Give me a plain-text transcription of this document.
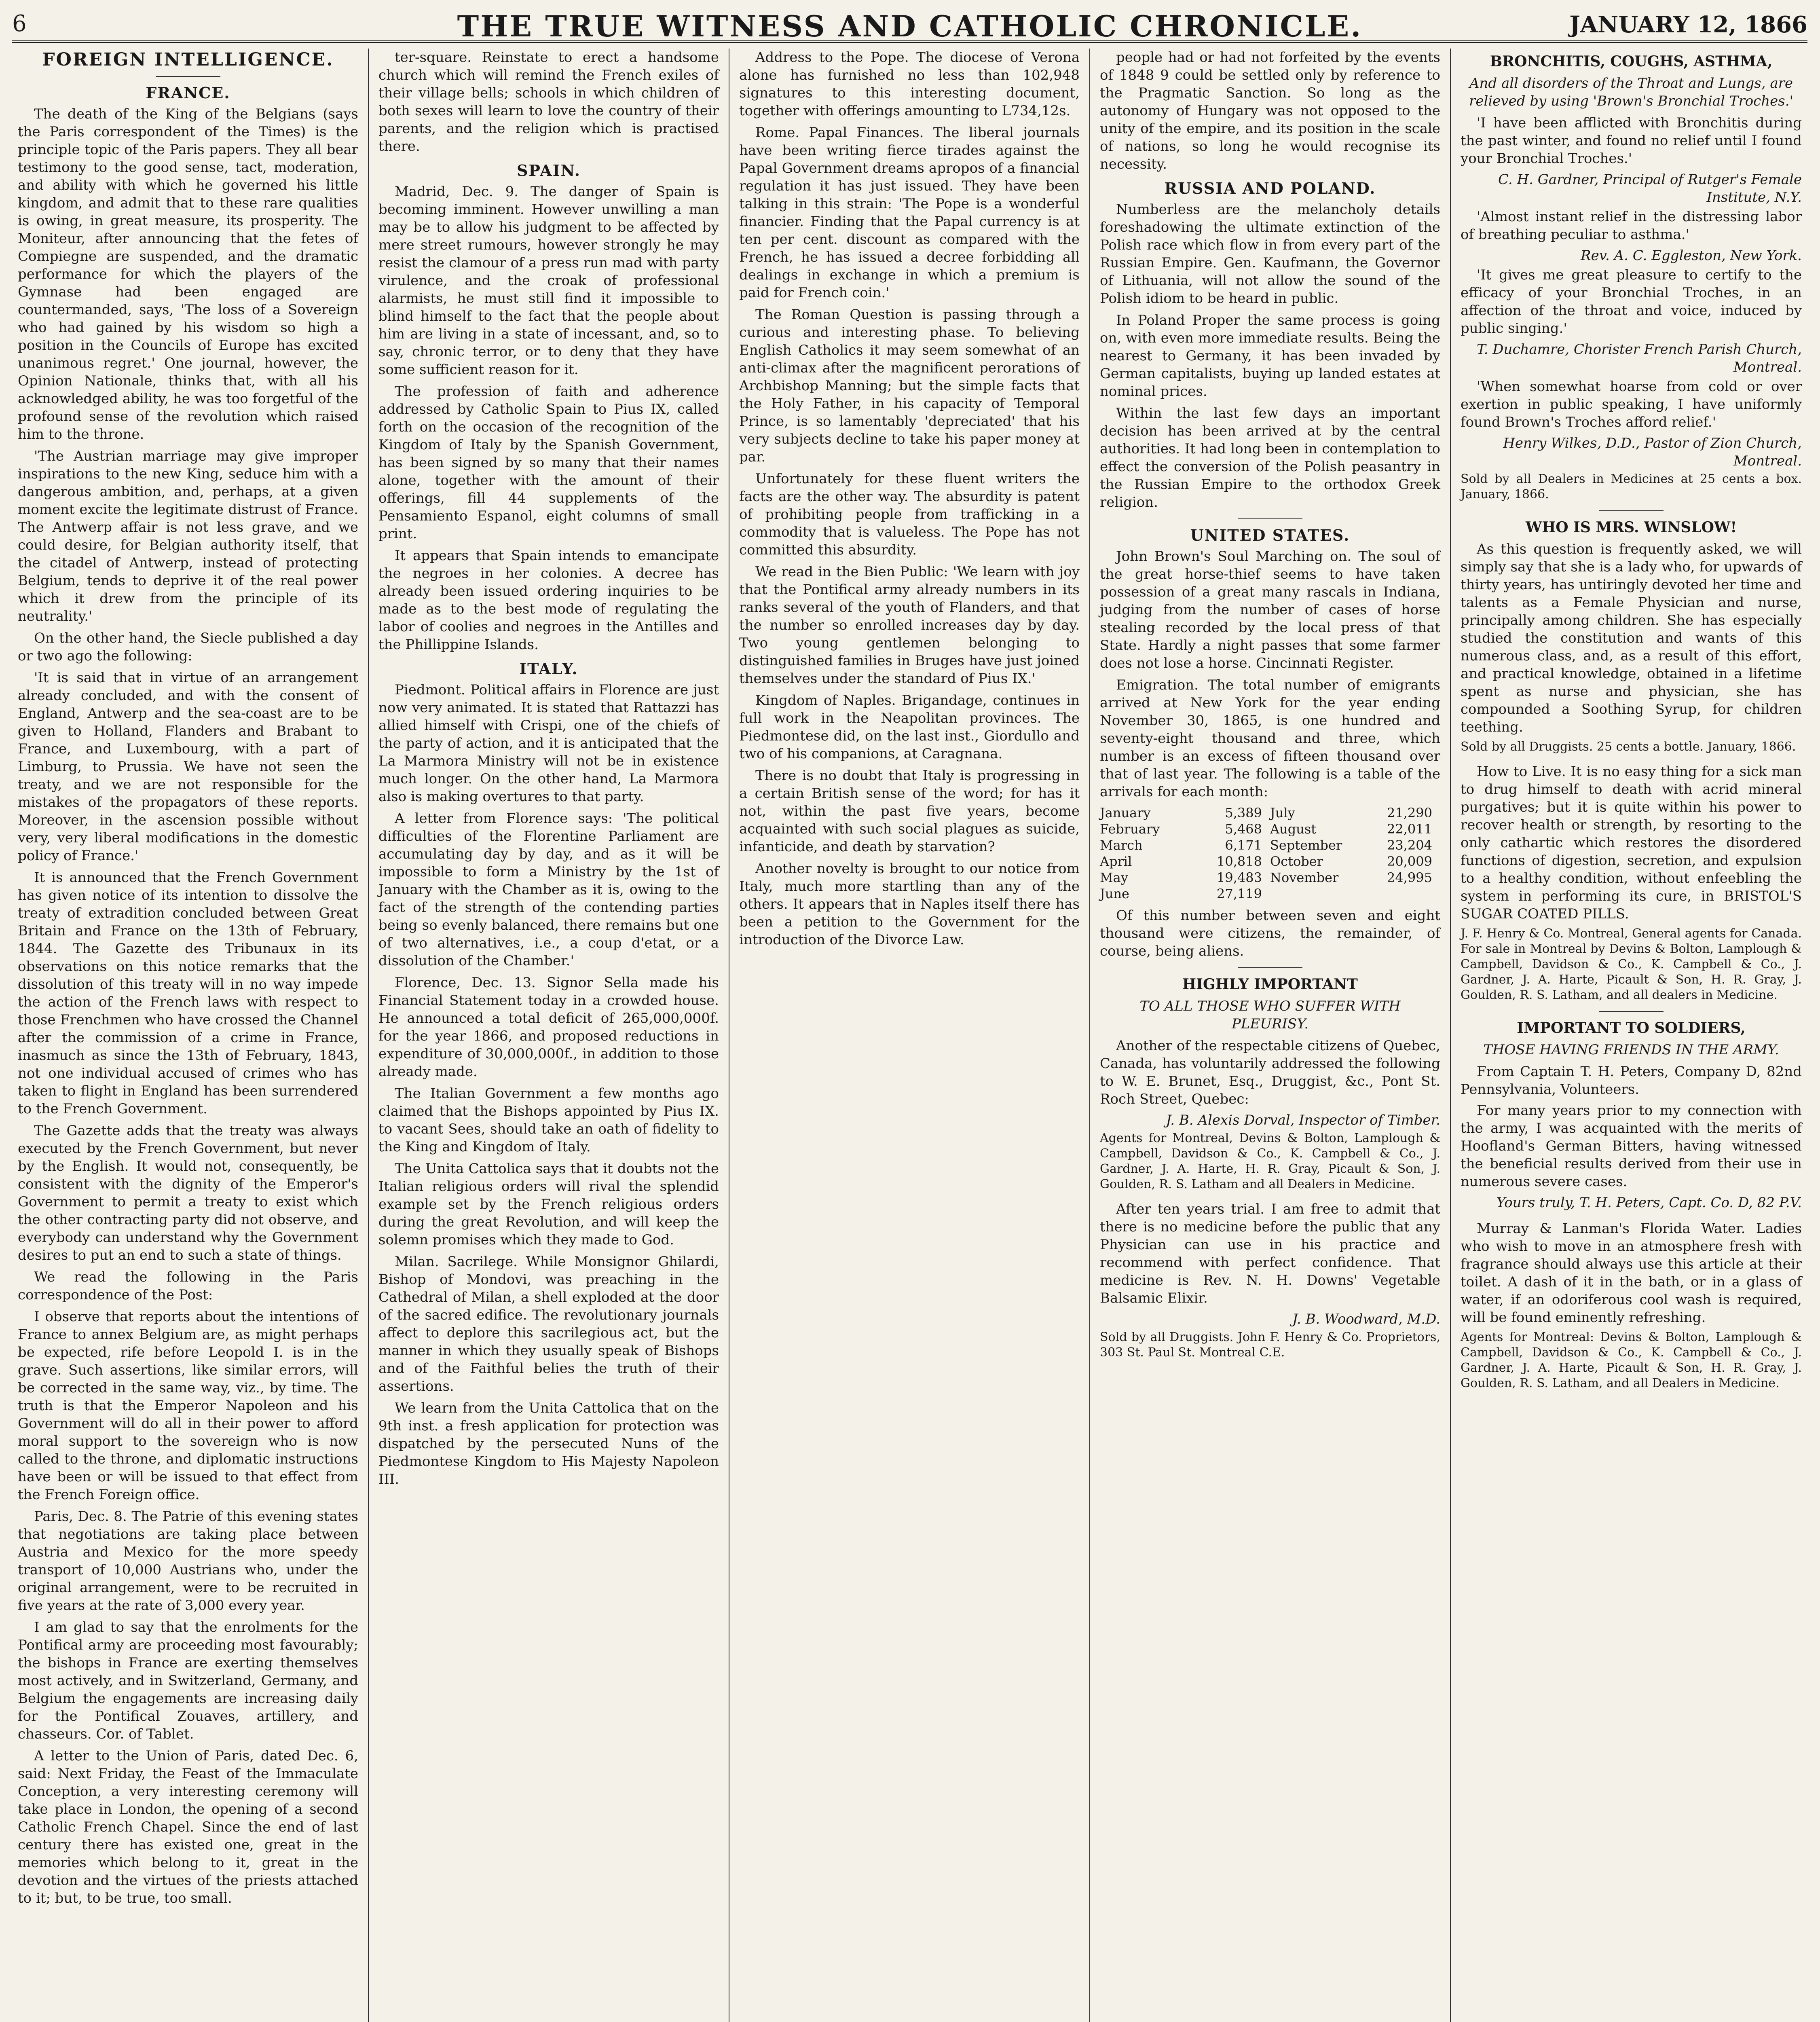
6	THE TRUE WITNESS AND CATHOLIC CHRONICLE.	JANUARY 12, 1866
FOREIGN INTELLIGENCE.
FRANCE.

The death of the King of the Belgians (says the Paris correspondent of the Times) is the principle topic of the Paris papers. They all bear testimony to the good sense, tact, moderation, and ability with which he governed his little kingdom, and admit that to these rare qualities is owing, in great measure, its prosperity. The Moniteur, after announcing that the fetes of Compiegne are suspended, and the dramatic performance for which the players of the Gymnase had been engaged are countermanded, says, 'The loss of a Sovereign who had gained by his wisdom so high a position in the Councils of Europe has excited unanimous regret.' One journal, however, the Opinion Nationale, thinks that, with all his acknowledged ability, he was too forgetful of the profound sense of the revolution which raised him to the throne.

'The Austrian marriage may give improper inspirations to the new King, seduce him with a dangerous ambition, and, perhaps, at a given moment excite the legitimate distrust of France. The Antwerp affair is not less grave, and we could desire, for Belgian authority itself, that the citadel of Antwerp, instead of protecting Belgium, tends to deprive it of the real power which it drew from the principle of its neutrality.'

On the other hand, the Siecle published a day or two ago the following:

'It is said that in virtue of an arrangement already concluded, and with the consent of England, Antwerp and the sea-coast are to be given to Holland, Flanders and Brabant to France, and Luxembourg, with a part of Limburg, to Prussia. We have not seen the treaty, and we are not responsible for the mistakes of the propagators of these reports. Moreover, in the ascension possible without very, very liberal modifications in the domestic policy of France.'

It is announced that the French Government has given notice of its intention to dissolve the treaty of extradition concluded between Great Britain and France on the 13th of February, 1844. The Gazette des Tribunaux in its observations on this notice remarks that the dissolution of this treaty will in no way impede the action of the French laws with respect to those Frenchmen who have crossed the Channel after the commission of a crime in France, inasmuch as since the 13th of February, 1843, not one individual accused of crimes who has taken to flight in England has been surrendered to the French Government.

The Gazette adds that the treaty was always executed by the French Government, but never by the English. It would not, consequently, be consistent with the dignity of the Emperor's Government to permit a treaty to exist which the other contracting party did not observe, and everybody can understand why the Government desires to put an end to such a state of things.

We read the following in the Paris correspondence of the Post:

I observe that reports about the intentions of France to annex Belgium are, as might perhaps be expected, rife before Leopold I. is in the grave. Such assertions, like similar errors, will be corrected in the same way, viz., by time. The truth is that the Emperor Napoleon and his Government will do all in their power to afford moral support to the sovereign who is now called to the throne, and diplomatic instructions have been or will be issued to that effect from the French Foreign office.

Paris, Dec. 8. The Patrie of this evening states that negotiations are taking place between Austria and Mexico for the more speedy transport of 10,000 Austrians who, under the original arrangement, were to be recruited in five years at the rate of 3,000 every year.

I am glad to say that the enrolments for the Pontifical army are proceeding most favourably; the bishops in France are exerting themselves most actively, and in Switzerland, Germany, and Belgium the engagements are increasing daily for the Pontifical Zouaves, artillery, and chasseurs. Cor. of Tablet.

A letter to the Union of Paris, dated Dec. 6, said: Next Friday, the Feast of the Immaculate Conception, a very interesting ceremony will take place in London, the opening of a second Catholic French Chapel. Since the end of last century there has existed one, great in the memories which belong to it, great in the devotion and the virtues of the priests attached to it; but, to be true, too small.

ter-square. Reinstate to erect a handsome church which will remind the French exiles of their village bells; schools in which children of both sexes will learn to love the country of their parents, and the religion which is practised there.

SPAIN.

Madrid, Dec. 9. The danger of Spain is becoming imminent. However unwilling a man may be to allow his judgment to be affected by mere street rumours, however strongly he may resist the clamour of a press run mad with party virulence, and the croak of professional alarmists, he must still find it impossible to blind himself to the fact that the people about him are living in a state of incessant, and, so to say, chronic terror, or to deny that they have some sufficient reason for it.

The profession of faith and adherence addressed by Catholic Spain to Pius IX, called forth on the occasion of the recognition of the Kingdom of Italy by the Spanish Government, has been signed by so many that their names alone, together with the amount of their offerings, fill 44 supplements of the Pensamiento Espanol, eight columns of small print.

It appears that Spain intends to emancipate the negroes in her colonies. A decree has already been issued ordering inquiries to be made as to the best mode of regulating the labor of coolies and negroes in the Antilles and the Phillippine Islands.

ITALY.

Piedmont. Political affairs in Florence are just now very animated. It is stated that Rattazzi has allied himself with Crispi, one of the chiefs of the party of action, and it is anticipated that the La Marmora Ministry will not be in existence much longer. On the other hand, La Marmora also is making overtures to that party.

A letter from Florence says: 'The political difficulties of the Florentine Parliament are accumulating day by day, and as it will be impossible to form a Ministry by the 1st of January with the Chamber as it is, owing to the fact of the strength of the contending parties being so evenly balanced, there remains but one of two alternatives, i.e., a coup d'etat, or a dissolution of the Chamber.'

Florence, Dec. 13. Signor Sella made his Financial Statement today in a crowded house. He announced a total deficit of 265,000,000f. for the year 1866, and proposed reductions in expenditure of 30,000,000f., in addition to those already made.

The Italian Government a few months ago claimed that the Bishops appointed by Pius IX. to vacant Sees, should take an oath of fidelity to the King and Kingdom of Italy.

The Unita Cattolica says that it doubts not the Italian religious orders will rival the splendid example set by the French religious orders during the great Revolution, and will keep the solemn promises which they made to God.

Milan. Sacrilege. While Monsignor Ghilardi, Bishop of Mondovi, was preaching in the Cathedral of Milan, a shell exploded at the door of the sacred edifice. The revolutionary journals affect to deplore this sacrilegious act, but the manner in which they usually speak of Bishops and of the Faithful belies the truth of their assertions.

We learn from the Unita Cattolica that on the 9th inst. a fresh application for protection was dispatched by the persecuted Nuns of the Piedmontese Kingdom to His Majesty Napoleon III.

Address to the Pope. The diocese of Verona alone has furnished no less than 102,948 signatures to this interesting document, together with offerings amounting to L734,12s.

Rome. Papal Finances. The liberal journals have been writing fierce tirades against the Papal Government dreams apropos of a financial regulation it has just issued. They have been talking in this strain: 'The Pope is a wonderful financier. Finding that the Papal currency is at ten per cent. discount as compared with the French, he has issued a decree forbidding all dealings in exchange in which a premium is paid for French coin.'

The Roman Question is passing through a curious and interesting phase. To believing English Catholics it may seem somewhat of an anti-climax after the magnificent perorations of Archbishop Manning; but the simple facts that the Holy Father, in his capacity of Temporal Prince, is so lamentably 'depreciated' that his very subjects decline to take his paper money at par.

Unfortunately for these fluent writers the facts are the other way. The absurdity is patent of prohibiting people from trafficking in a commodity that is valueless. The Pope has not committed this absurdity.

We read in the Bien Public: 'We learn with joy that the Pontifical army already numbers in its ranks several of the youth of Flanders, and that the number so enrolled increases day by day. Two young gentlemen belonging to distinguished families in Bruges have just joined themselves under the standard of Pius IX.'

Kingdom of Naples. Brigandage, continues in full work in the Neapolitan provinces. The Piedmontese did, on the last inst., Giordullo and two of his companions, at Caragnana.

There is no doubt that Italy is progressing in a certain British sense of the word; for has it not, within the past five years, become acquainted with such social plagues as suicide, infanticide, and death by starvation?

Another novelty is brought to our notice from Italy, much more startling than any of the others. It appears that in Naples itself there has been a petition to the Government for the introduction of the Divorce Law.

people had or had not forfeited by the events of 1848 9 could be settled only by reference to the Pragmatic Sanction. So long as the autonomy of Hungary was not opposed to the unity of the empire, and its position in the scale of nations, so long he would recognise its necessity.

RUSSIA AND POLAND.

Numberless are the melancholy details foreshadowing the ultimate extinction of the Polish race which flow in from every part of the Russian Empire. Gen. Kaufmann, the Governor of Lithuania, will not allow the sound of the Polish idiom to be heard in public.

In Poland Proper the same process is going on, with even more immediate results. Being the nearest to Germany, it has been invaded by German capitalists, buying up landed estates at nominal prices.

Within the last few days an important decision has been arrived at by the central authorities. It had long been in contemplation to effect the conversion of the Polish peasantry in the Russian Empire to the orthodox Greek religion.

UNITED STATES.

John Brown's Soul Marching on. The soul of the great horse-thief seems to have taken possession of a great many rascals in Indiana, judging from the number of cases of horse stealing recorded by the local press of that State. Hardly a night passes that some farmer does not lose a horse. Cincinnati Register.

Emigration. The total number of emigrants arrived at New York for the year ending November 30, 1865, is one hundred and seventy-eight thousand and three, which number is an excess of fifteen thousand over that of last year. The following is a table of the arrivals for each month:

January	5,389 July	21,290
February	5,468 August	22,011
March	6,171 September	23,204
April	10,818 October	20,009
May	19,483 November	24,995
June	27,119

Of this number between seven and eight thousand were citizens, the remainder, of course, being aliens.

HIGHLY IMPORTANT
TO ALL THOSE WHO SUFFER WITH PLEURISY.

Another of the respectable citizens of Quebec, Canada, has voluntarily addressed the following to W. E. Brunet, Esq., Druggist, &c., Pont St. Roch Street, Quebec:

J. B. Alexis Dorval, Inspector of Timber.

Agents for Montreal, Devins & Bolton, Lamplough & Campbell, Davidson & Co., K. Campbell & Co., J. Gardner, J. A. Harte, H. R. Gray, Picault & Son, J. Goulden, R. S. Latham and all Dealers in Medicine.

After ten years trial. I am free to admit that there is no medicine before the public that any Physician can use in his practice and recommend with perfect confidence. That medicine is Rev. N. H. Downs' Vegetable Balsamic Elixir.

J. B. Woodward, M.D.

Sold by all Druggists. John F. Henry & Co. Proprietors, 303 St. Paul St. Montreal C.E.

BRONCHITIS, COUGHS, ASTHMA,
And all disorders of the Throat and Lungs, are relieved by using 'Brown's Bronchial Troches.'

'I have been afflicted with Bronchitis during the past winter, and found no relief until I found your Bronchial Troches.'

C. H. Gardner, Principal of Rutger's Female Institute, N.Y.

'Almost instant relief in the distressing labor of breathing peculiar to asthma.'

Rev. A. C. Eggleston, New York.

'It gives me great pleasure to certify to the efficacy of your Bronchial Troches, in an affection of the throat and voice, induced by public singing.'

T. Duchamre, Chorister French Parish Church, Montreal.

'When somewhat hoarse from cold or over exertion in public speaking, I have uniformly found Brown's Troches afford relief.'

Henry Wilkes, D.D., Pastor of Zion Church, Montreal.

Sold by all Dealers in Medicines at 25 cents a box. January, 1866.

WHO IS MRS. WINSLOW!

As this question is frequently asked, we will simply say that she is a lady who, for upwards of thirty years, has untiringly devoted her time and talents as a Female Physician and nurse, principally among children. She has especially studied the constitution and wants of this numerous class, and, as a result of this effort, and practical knowledge, obtained in a lifetime spent as nurse and physician, she has compounded a Soothing Syrup, for children teething.

Sold by all Druggists. 25 cents a bottle. January, 1866.

How to Live. It is no easy thing for a sick man to drug himself to death with acrid mineral purgatives; but it is quite within his power to recover health or strength, by resorting to the only cathartic which restores the disordered functions of digestion, secretion, and expulsion to a healthy condition, without enfeebling the system in performing its cure, in BRISTOL'S SUGAR COATED PILLS.

J. F. Henry & Co. Montreal, General agents for Canada. For sale in Montreal by Devins & Bolton, Lamplough & Campbell, Davidson & Co., K. Campbell & Co., J. Gardner, J. A. Harte, Picault & Son, H. R. Gray, J. Goulden, R. S. Latham, and all dealers in Medicine.

IMPORTANT TO SOLDIERS,
THOSE HAVING FRIENDS IN THE ARMY.

From Captain T. H. Peters, Company D, 82nd Pennsylvania, Volunteers.

For many years prior to my connection with the army, I was acquainted with the merits of Hoofland's German Bitters, having witnessed the beneficial results derived from their use in numerous severe cases.

Yours truly, T. H. Peters, Capt. Co. D, 82 P.V.

Murray & Lanman's Florida Water. Ladies who wish to move in an atmosphere fresh with fragrance should always use this article at their toilet. A dash of it in the bath, or in a glass of water, if an odoriferous cool wash is required, will be found eminently refreshing.

Agents for Montreal: Devins & Bolton, Lamplough & Campbell, Davidson & Co., K. Campbell & Co., J. Gardner, J. A. Harte, Picault & Son, H. R. Gray, J. Goulden, R. S. Latham, and all Dealers in Medicine.
